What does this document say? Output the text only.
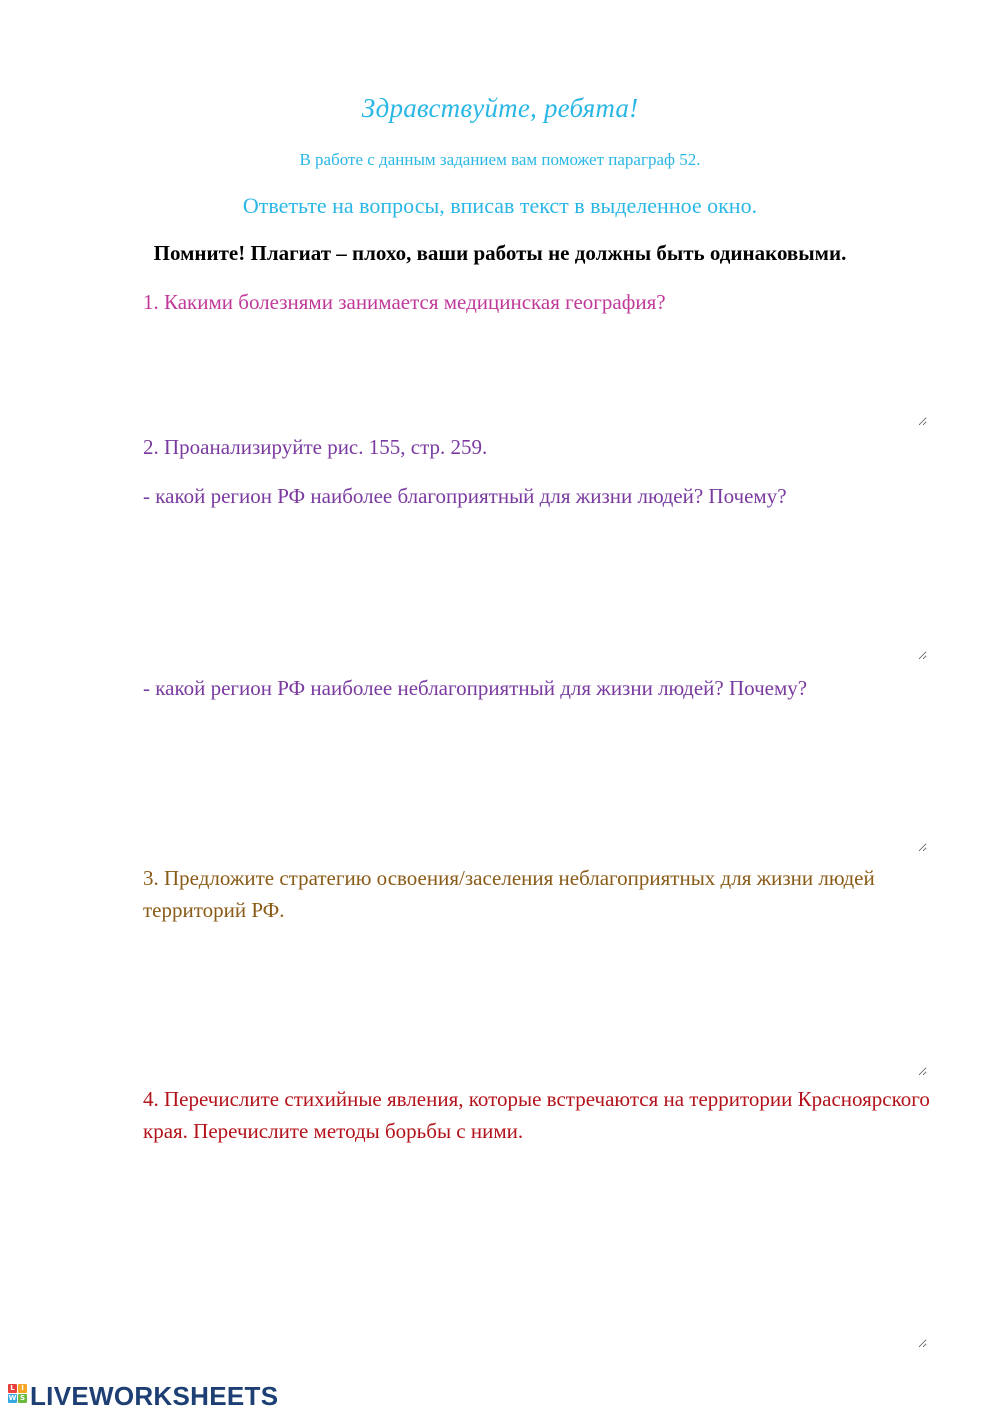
Здравствуйте, ребята!

В работе с данным заданием вам поможет параграф 52.

Ответьте на вопросы, вписав текст в выделенное окно.

Помните! Плагиат – плохо, ваши работы не должны быть одинаковыми.

1. Какими болезнями занимается медицинская география?

2. Проанализируйте рис. 155, стр. 259.

- какой регион РФ наиболее благоприятный для жизни людей? Почему?

- какой регион РФ наиболее неблагоприятный для жизни людей? Почему?

3. Предложите стратегию освоения/заселения неблагоприятных для жизни людей территорий РФ.

4. Перечислите стихийные явления, которые встречаются на территории Красноярского края. Перечислите методы борьбы с ними.

L I
W S LIVEWORKSHEETS
